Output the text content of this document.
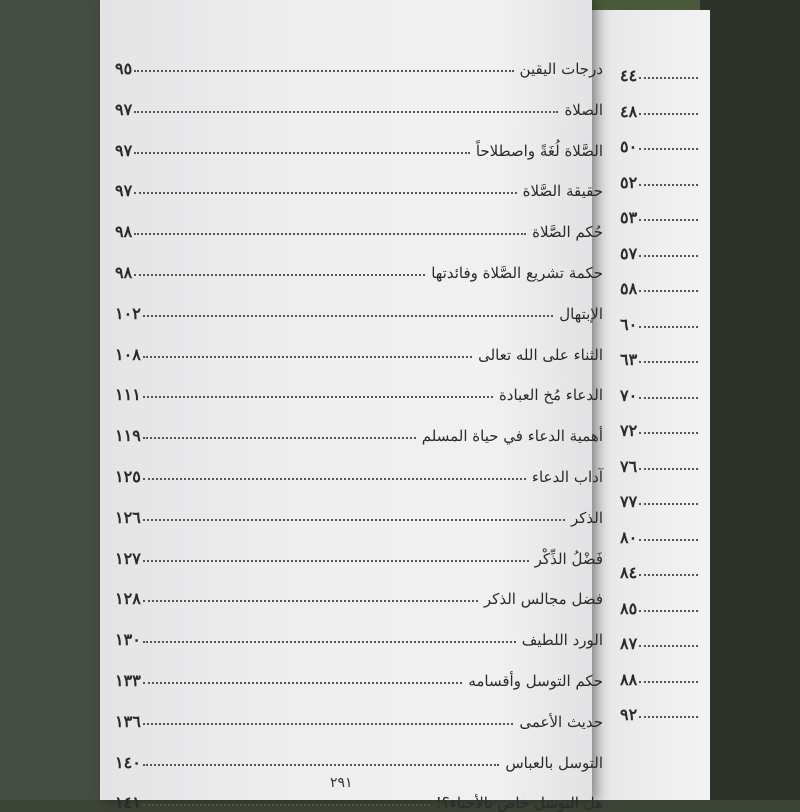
درجات اليقين
٩٥
الصلاة
٩٧
الصَّلاة لُغَةً واصطلاحاً
٩٧
حقيقة الصَّلاة
٩٧
حُكم الصَّلاة
٩٨
حكمة تشريع الصَّلاة وفائدتها
٩٨
الإبتهال
١٠٢
الثناء على الله تعالى
١٠٨
الدعاء مُخ العبادة
١١١
أهمية الدعاء في حياة المسلم
١١٩
آداب الدعاء
١٢٥
الذكر
١٢٦
فَضْلُ الذِّكْر
١٢٧
فضل مجالس الذكر
١٢٨
الورد اللطيف
١٣٠
حكم التوسل وأقسامه
١٣٣
حديث الأعمى
١٣٦
التوسل بالعباس
١٤٠
هل التوسل خاص بالأحياء؟!
١٤١
٤٤
٤٨
٥٠
٥٢
٥٣
٥٧
٥٨
٦٠
٦٣
٧٠
٧٢
٧٦
٧٧
٨٠
٨٤
٨٥
٨٧
٨٨
٩٢
٢٩١
